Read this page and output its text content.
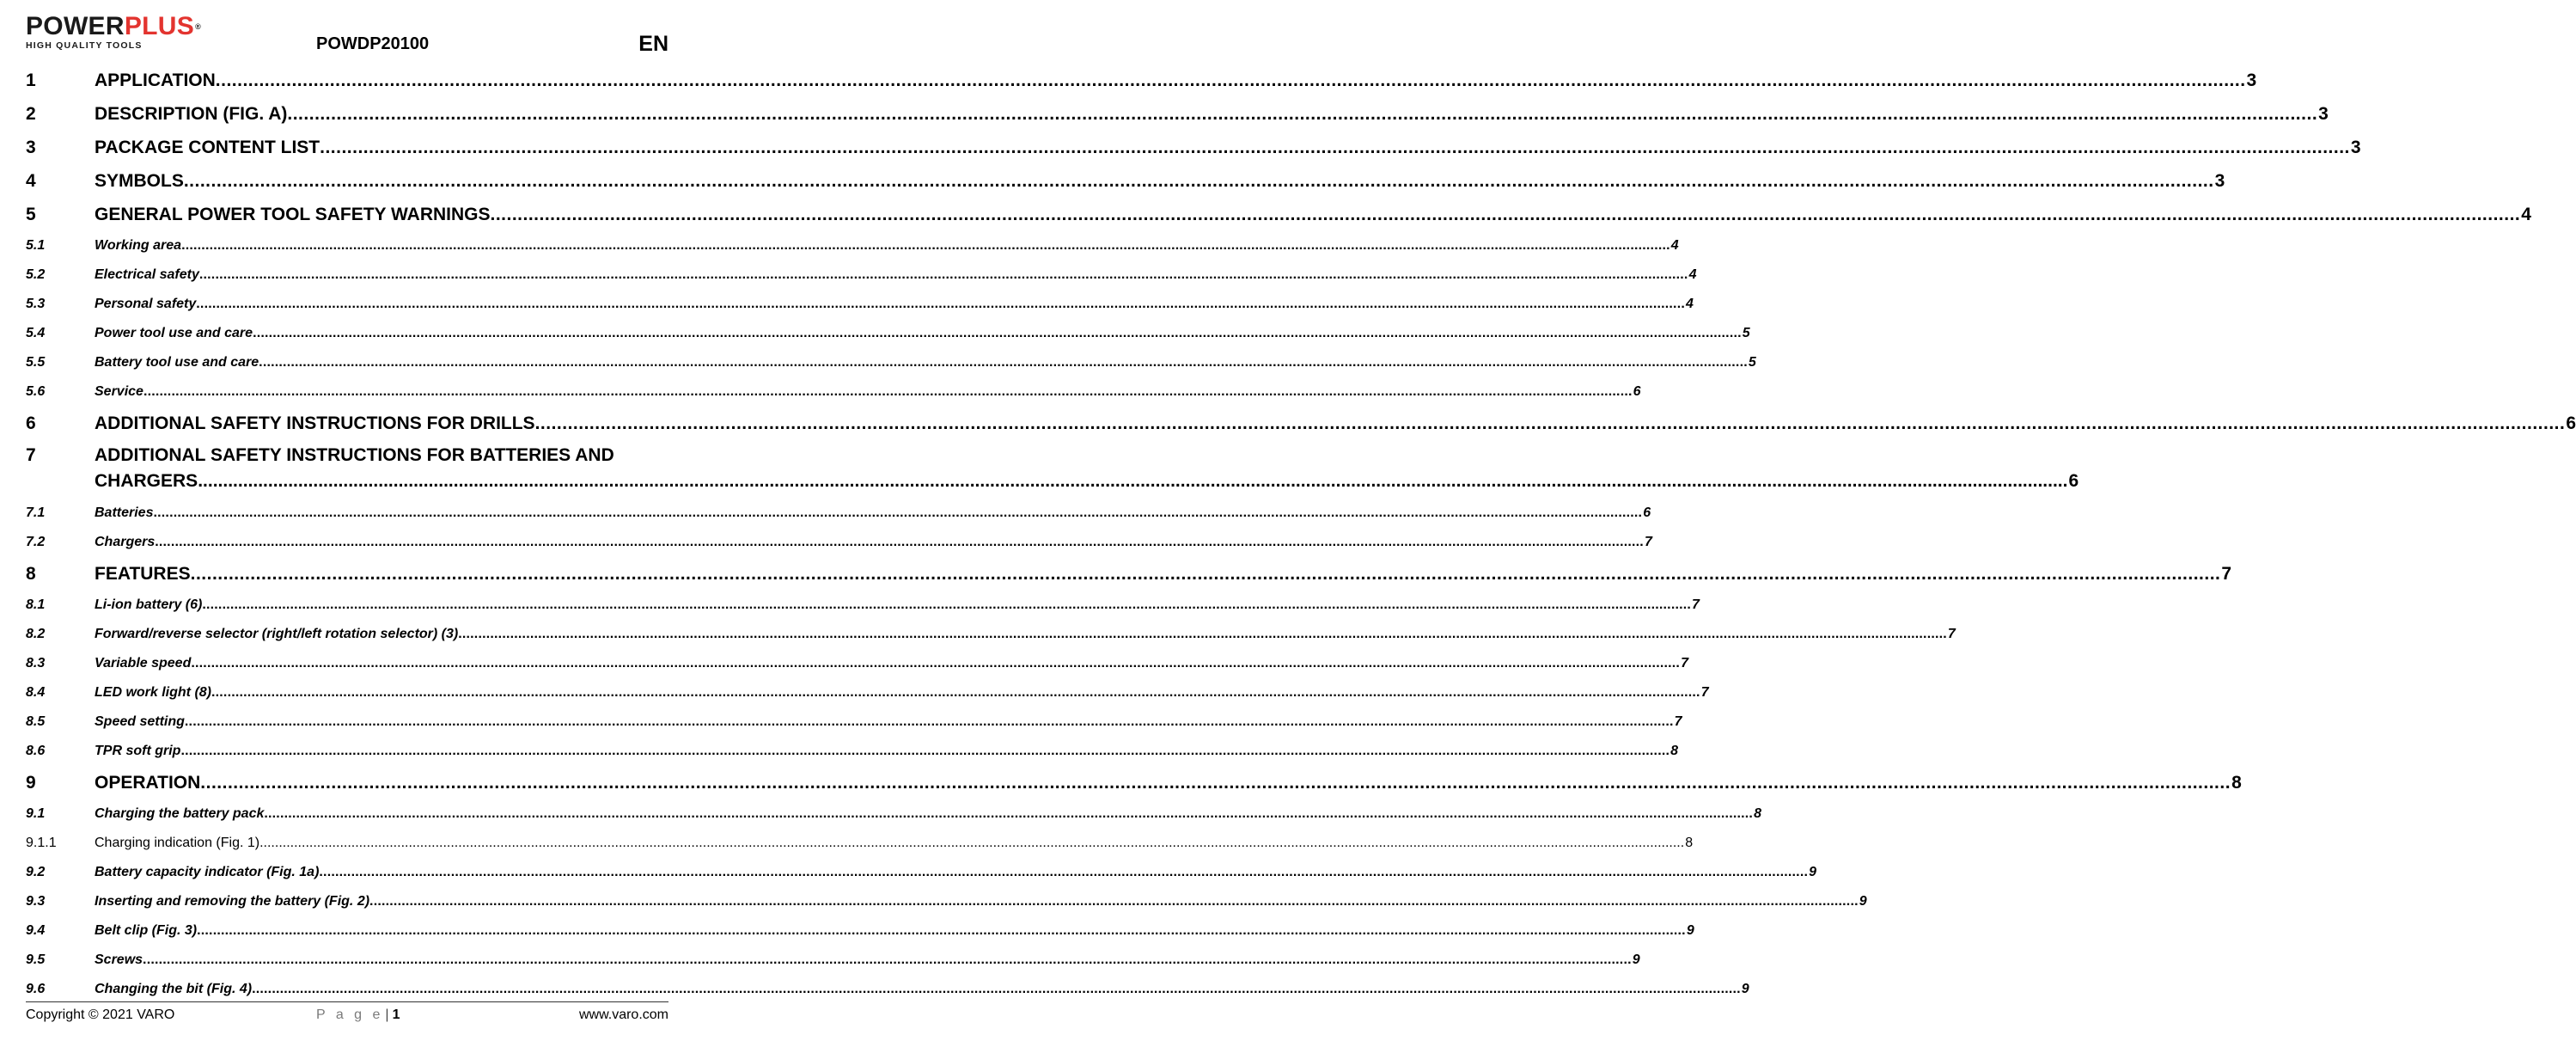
POWERPLUS®
HIGH QUALITY TOOLS	POWDP20100	EN
1	APPLICATION .....	3
2	DESCRIPTION (FIG. A) .....	3
3	PACKAGE CONTENT LIST .....	3
4	SYMBOLS .....	3
5	GENERAL POWER TOOL SAFETY WARNINGS .....	4
5.1	Working area .....	4
5.2	Electrical safety .....	4
5.3	Personal safety .....	4
5.4	Power tool use and care .....	5
5.5	Battery tool use and care .....	5
5.6	Service .....	6
6	ADDITIONAL SAFETY INSTRUCTIONS FOR DRILLS .....	6
7	ADDITIONAL SAFETY INSTRUCTIONS FOR BATTERIES AND
CHARGERS .....	6
7.1	Batteries .....	6
7.2	Chargers .....	7
8	FEATURES .....	7
8.1	Li-ion battery (6) .....	7
8.2	Forward/reverse selector (right/left rotation selector) (3) .....	7
8.3	Variable speed .....	7
8.4	LED work light (8) .....	7
8.5	Speed setting .....	7
8.6	TPR soft grip .....	8
9	OPERATION .....	8
9.1	Charging the battery pack .....	8
9.1.1	Charging indication (Fig. 1) .....	8
9.2	Battery capacity indicator (Fig. 1a) .....	9
9.3	Inserting and removing the battery (Fig. 2) .....	9
9.4	Belt clip (Fig. 3) .....	9
9.5	Screws .....	9
9.6	Changing the bit (Fig. 4) .....	9
Copyright © 2021 VARO	P a g e | 1	www.varo.com
